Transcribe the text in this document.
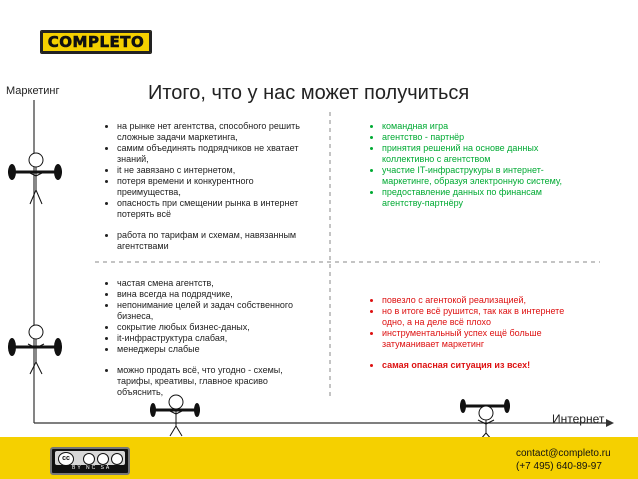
COMPLETO
Итого, что у нас может получиться
Маркетинг
Интернет
• на рынке нет агентства, способного решить сложные задачи маркетинга,
• самим объединять подрядчиков не хватает знаний,
• it не завязано с интернетом,
• потеря времени и конкурентного преимущества,
• опасность при смещении рынка в интернет потерять всё
• работа по тарифам и схемам, навязанным агентствами
• командная игра
• агентство - партнёр
• принятия решений на основе данных коллективно с агентством
• участие IT-инфраструкуры в интернет-маркетинге, образуя электронную систему,
• предоставление данных по финансам агентству-партнёру
• частая смена агентств,
• вина всегда на подрядчике,
• непонимание целей и задач собственного бизнеса,
• сокрытие любых бизнес-даных,
• it-инфраструктура слабая,
• менеджеры слабые
• можно продать всё, что угодно - схемы, тарифы, креативы, главное красиво объяснить,
• повезло с агентокой реализацией,
• но в итоге всё рушится, так как в интернете одно, а на деле всё плохо
• инструментальный успех ещё больше затуманивает маркетинг
• самая опасная ситуация из всех!
cc
BY NC SA
contact@completo.ru
(+7 495) 640-89-97
